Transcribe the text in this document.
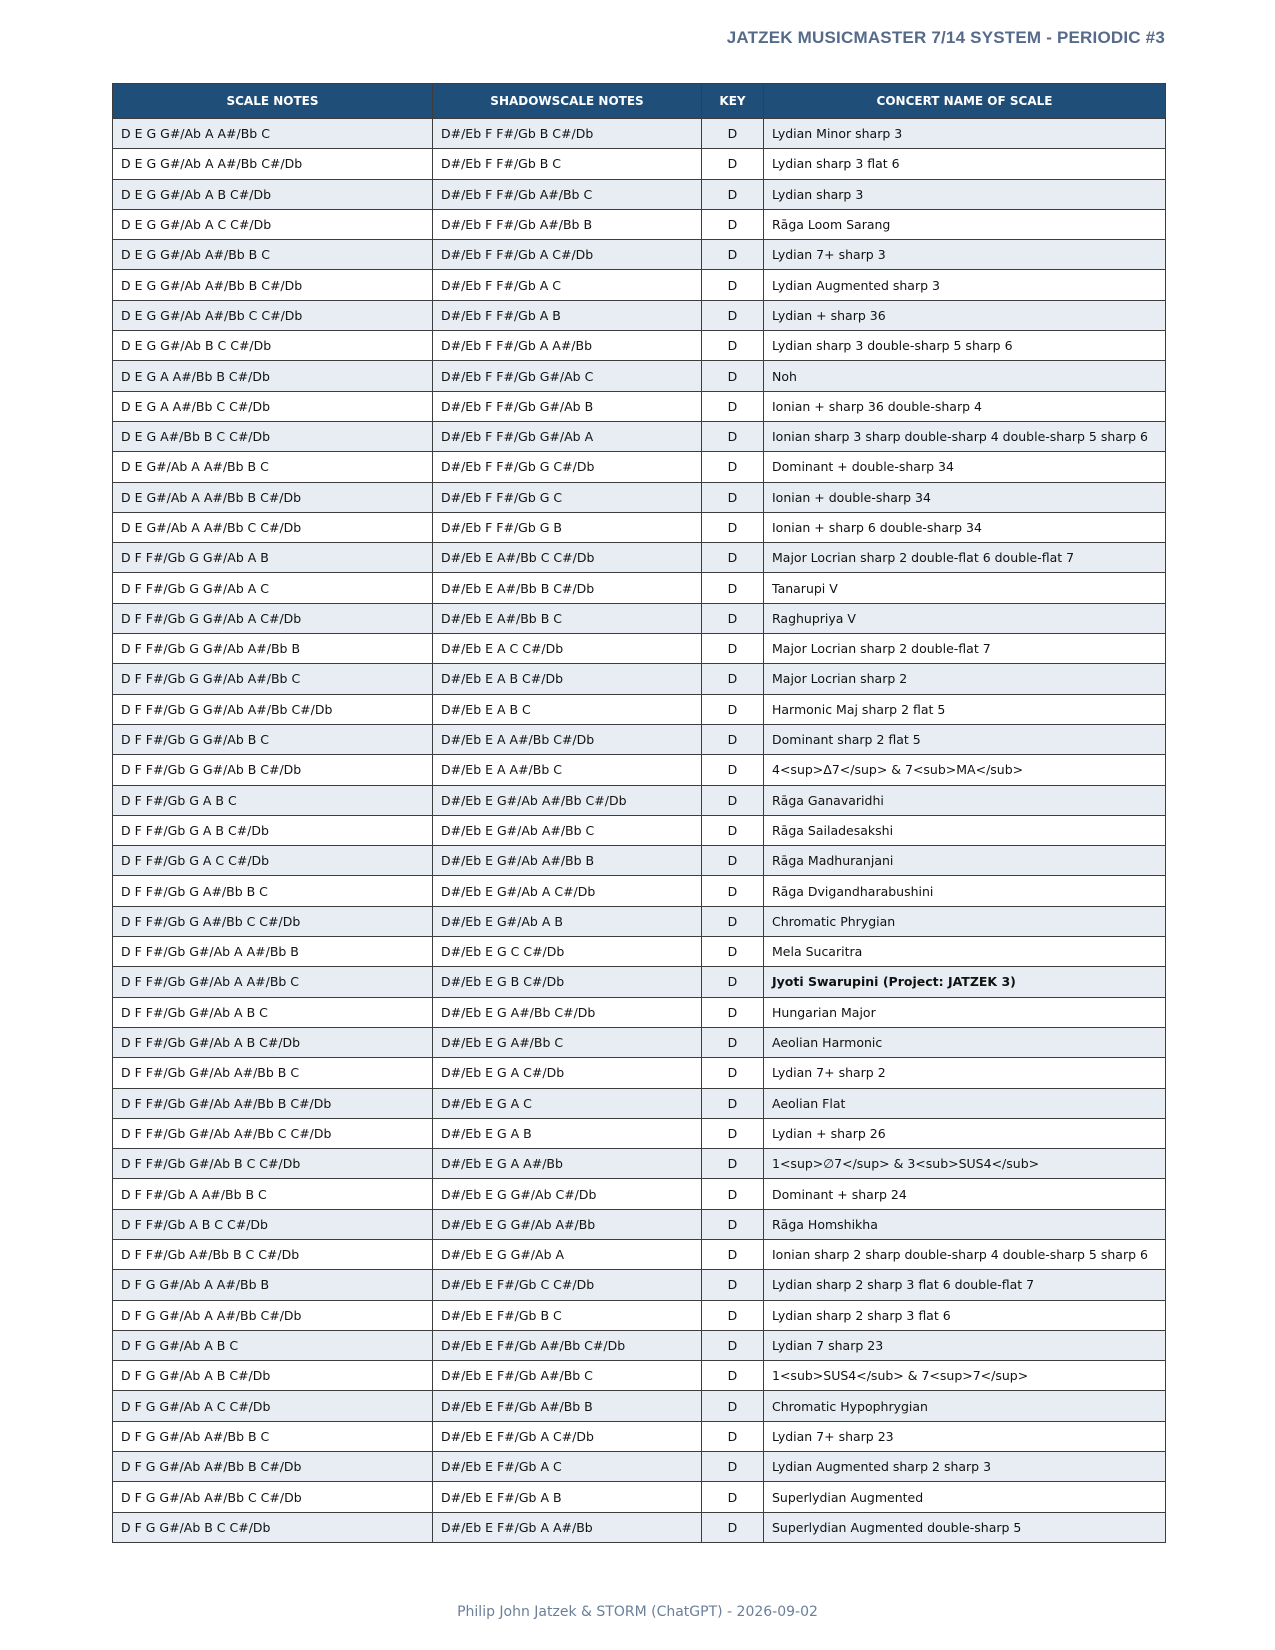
JATZEK MUSICMASTER 7/14 SYSTEM - PERIODIC #3
SCALE NOTES	SHADOWSCALE NOTES	KEY	CONCERT NAME OF SCALE
D E G G#/Ab A A#/Bb C	D#/Eb F F#/Gb B C#/Db	D	Lydian Minor sharp 3
D E G G#/Ab A A#/Bb C#/Db	D#/Eb F F#/Gb B C	D	Lydian sharp 3 flat 6
D E G G#/Ab A B C#/Db	D#/Eb F F#/Gb A#/Bb C	D	Lydian sharp 3
D E G G#/Ab A C C#/Db	D#/Eb F F#/Gb A#/Bb B	D	Rāga Loom Sarang
D E G G#/Ab A#/Bb B C	D#/Eb F F#/Gb A C#/Db	D	Lydian 7+ sharp 3
D E G G#/Ab A#/Bb B C#/Db	D#/Eb F F#/Gb A C	D	Lydian Augmented sharp 3
D E G G#/Ab A#/Bb C C#/Db	D#/Eb F F#/Gb A B	D	Lydian + sharp 36
D E G G#/Ab B C C#/Db	D#/Eb F F#/Gb A A#/Bb	D	Lydian sharp 3 double-sharp 5 sharp 6
D E G A A#/Bb B C#/Db	D#/Eb F F#/Gb G#/Ab C	D	Noh
D E G A A#/Bb C C#/Db	D#/Eb F F#/Gb G#/Ab B	D	Ionian + sharp 36 double-sharp 4
D E G A#/Bb B C C#/Db	D#/Eb F F#/Gb G#/Ab A	D	Ionian sharp 3 sharp double-sharp 4 double-sharp 5 sharp 6
D E G#/Ab A A#/Bb B C	D#/Eb F F#/Gb G C#/Db	D	Dominant + double-sharp 34
D E G#/Ab A A#/Bb B C#/Db	D#/Eb F F#/Gb G C	D	Ionian + double-sharp 34
D E G#/Ab A A#/Bb C C#/Db	D#/Eb F F#/Gb G B	D	Ionian + sharp 6 double-sharp 34
D F F#/Gb G G#/Ab A B	D#/Eb E A#/Bb C C#/Db	D	Major Locrian sharp 2 double-flat 6 double-flat 7
D F F#/Gb G G#/Ab A C	D#/Eb E A#/Bb B C#/Db	D	Tanarupi V
D F F#/Gb G G#/Ab A C#/Db	D#/Eb E A#/Bb B C	D	Raghupriya V
D F F#/Gb G G#/Ab A#/Bb B	D#/Eb E A C C#/Db	D	Major Locrian sharp 2 double-flat 7
D F F#/Gb G G#/Ab A#/Bb C	D#/Eb E A B C#/Db	D	Major Locrian sharp 2
D F F#/Gb G G#/Ab A#/Bb C#/Db	D#/Eb E A B C	D	Harmonic Maj sharp 2 flat 5
D F F#/Gb G G#/Ab B C	D#/Eb E A A#/Bb C#/Db	D	Dominant sharp 2 flat 5
D F F#/Gb G G#/Ab B C#/Db	D#/Eb E A A#/Bb C	D	4<sup>Δ7</sup> & 7<sub>MA</sub>
D F F#/Gb G A B C	D#/Eb E G#/Ab A#/Bb C#/Db	D	Rāga Ganavaridhi
D F F#/Gb G A B C#/Db	D#/Eb E G#/Ab A#/Bb C	D	Rāga Sailadesakshi
D F F#/Gb G A C C#/Db	D#/Eb E G#/Ab A#/Bb B	D	Rāga Madhuranjani
D F F#/Gb G A#/Bb B C	D#/Eb E G#/Ab A C#/Db	D	Rāga Dvigandharabushini
D F F#/Gb G A#/Bb C C#/Db	D#/Eb E G#/Ab A B	D	Chromatic Phrygian
D F F#/Gb G#/Ab A A#/Bb B	D#/Eb E G C C#/Db	D	Mela Sucaritra
D F F#/Gb G#/Ab A A#/Bb C	D#/Eb E G B C#/Db	D	Jyoti Swarupini (Project: JATZEK 3)
D F F#/Gb G#/Ab A B C	D#/Eb E G A#/Bb C#/Db	D	Hungarian Major
D F F#/Gb G#/Ab A B C#/Db	D#/Eb E G A#/Bb C	D	Aeolian Harmonic
D F F#/Gb G#/Ab A#/Bb B C	D#/Eb E G A C#/Db	D	Lydian 7+ sharp 2
D F F#/Gb G#/Ab A#/Bb B C#/Db	D#/Eb E G A C	D	Aeolian Flat
D F F#/Gb G#/Ab A#/Bb C C#/Db	D#/Eb E G A B	D	Lydian + sharp 26
D F F#/Gb G#/Ab B C C#/Db	D#/Eb E G A A#/Bb	D	1<sup>∅7</sup> & 3<sub>SUS4</sub>
D F F#/Gb A A#/Bb B C	D#/Eb E G G#/Ab C#/Db	D	Dominant + sharp 24
D F F#/Gb A B C C#/Db	D#/Eb E G G#/Ab A#/Bb	D	Rāga Homshikha
D F F#/Gb A#/Bb B C C#/Db	D#/Eb E G G#/Ab A	D	Ionian sharp 2 sharp double-sharp 4 double-sharp 5 sharp 6
D F G G#/Ab A A#/Bb B	D#/Eb E F#/Gb C C#/Db	D	Lydian sharp 2 sharp 3 flat 6 double-flat 7
D F G G#/Ab A A#/Bb C#/Db	D#/Eb E F#/Gb B C	D	Lydian sharp 2 sharp 3 flat 6
D F G G#/Ab A B C	D#/Eb E F#/Gb A#/Bb C#/Db	D	Lydian 7 sharp 23
D F G G#/Ab A B C#/Db	D#/Eb E F#/Gb A#/Bb C	D	1<sub>SUS4</sub> & 7<sup>7</sup>
D F G G#/Ab A C C#/Db	D#/Eb E F#/Gb A#/Bb B	D	Chromatic Hypophrygian
D F G G#/Ab A#/Bb B C	D#/Eb E F#/Gb A C#/Db	D	Lydian 7+ sharp 23
D F G G#/Ab A#/Bb B C#/Db	D#/Eb E F#/Gb A C	D	Lydian Augmented sharp 2 sharp 3
D F G G#/Ab A#/Bb C C#/Db	D#/Eb E F#/Gb A B	D	Superlydian Augmented
D F G G#/Ab B C C#/Db	D#/Eb E F#/Gb A A#/Bb	D	Superlydian Augmented double-sharp 5
Philip John Jatzek & STORM (ChatGPT) - 2026-09-02
